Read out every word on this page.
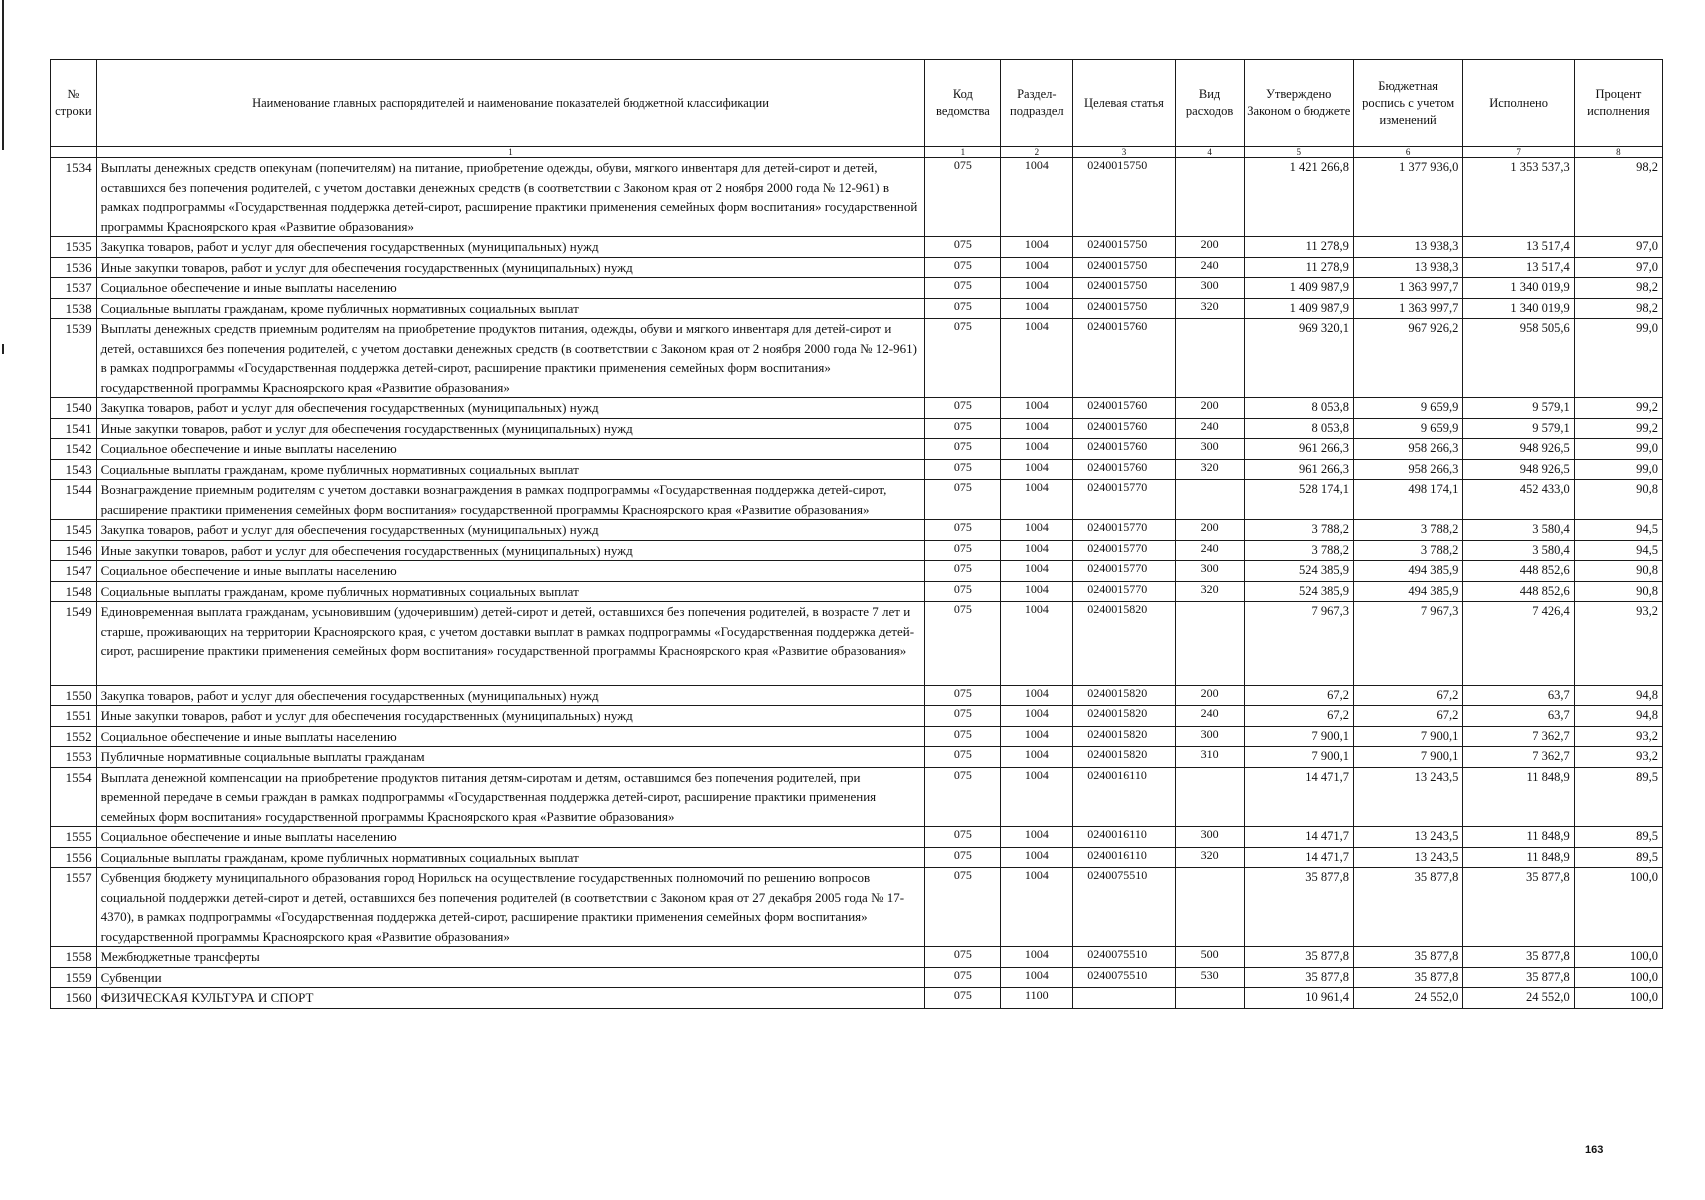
№ строки	Наименование главных распорядителей и наименование показателей бюджетной классификации	Код ведомства	Раздел-подраздел	Целевая статья	Вид расходов	Утверждено Законом о бюджете	Бюджетная роспись с учетом изменений	Исполнено	Процент исполнения
	1	1	2	3	4	5	6	7	8
1534	Выплаты денежных средств опекунам (попечителям) на питание, приобретение одежды, обуви, мягкого инвентаря для детей-сирот и детей, оставшихся без попечения родителей, с учетом доставки денежных средств (в соответствии с Законом края от 2 ноября 2000 года № 12-961) в рамках подпрограммы «Государственная поддержка детей-сирот, расширение практики применения семейных форм воспитания» государственной программы Красноярского края «Развитие образования»	075	1004	0240015750		1 421 266,8	1 377 936,0	1 353 537,3	98,2
1535	Закупка товаров, работ и услуг для обеспечения государственных (муниципальных) нужд	075	1004	0240015750	200	11 278,9	13 938,3	13 517,4	97,0
1536	Иные закупки товаров, работ и услуг для обеспечения государственных (муниципальных) нужд	075	1004	0240015750	240	11 278,9	13 938,3	13 517,4	97,0
1537	Социальное обеспечение и иные выплаты населению	075	1004	0240015750	300	1 409 987,9	1 363 997,7	1 340 019,9	98,2
1538	Социальные выплаты гражданам, кроме публичных нормативных социальных выплат	075	1004	0240015750	320	1 409 987,9	1 363 997,7	1 340 019,9	98,2
1539	Выплаты денежных средств приемным родителям на приобретение продуктов питания, одежды, обуви и мягкого инвентаря для детей-сирот и детей, оставшихся без попечения родителей, с учетом доставки денежных средств (в соответствии с Законом края от 2 ноября 2000 года № 12-961) в рамках подпрограммы «Государственная поддержка детей-сирот, расширение практики применения семейных форм воспитания» государственной программы Красноярского края «Развитие образования»	075	1004	0240015760		969 320,1	967 926,2	958 505,6	99,0
1540	Закупка товаров, работ и услуг для обеспечения государственных (муниципальных) нужд	075	1004	0240015760	200	8 053,8	9 659,9	9 579,1	99,2
1541	Иные закупки товаров, работ и услуг для обеспечения государственных (муниципальных) нужд	075	1004	0240015760	240	8 053,8	9 659,9	9 579,1	99,2
1542	Социальное обеспечение и иные выплаты населению	075	1004	0240015760	300	961 266,3	958 266,3	948 926,5	99,0
1543	Социальные выплаты гражданам, кроме публичных нормативных социальных выплат	075	1004	0240015760	320	961 266,3	958 266,3	948 926,5	99,0
1544	Вознаграждение приемным родителям с учетом доставки вознаграждения в рамках подпрограммы «Государственная поддержка детей-сирот, расширение практики применения семейных форм воспитания» государственной программы Красноярского края «Развитие образования»	075	1004	0240015770		528 174,1	498 174,1	452 433,0	90,8
1545	Закупка товаров, работ и услуг для обеспечения государственных (муниципальных) нужд	075	1004	0240015770	200	3 788,2	3 788,2	3 580,4	94,5
1546	Иные закупки товаров, работ и услуг для обеспечения государственных (муниципальных) нужд	075	1004	0240015770	240	3 788,2	3 788,2	3 580,4	94,5
1547	Социальное обеспечение и иные выплаты населению	075	1004	0240015770	300	524 385,9	494 385,9	448 852,6	90,8
1548	Социальные выплаты гражданам, кроме публичных нормативных социальных выплат	075	1004	0240015770	320	524 385,9	494 385,9	448 852,6	90,8
1549	Единовременная выплата гражданам, усыновившим (удочерившим) детей-сирот и детей, оставшихся без попечения родителей, в возрасте 7 лет и старше, проживающих на территории Красноярского края, с учетом доставки выплат в рамках подпрограммы «Государственная поддержка детей-сирот, расширение практики применения семейных форм воспитания» государственной программы Красноярского края «Развитие образования»	075	1004	0240015820		7 967,3	7 967,3	7 426,4	93,2
1550	Закупка товаров, работ и услуг для обеспечения государственных (муниципальных) нужд	075	1004	0240015820	200	67,2	67,2	63,7	94,8
1551	Иные закупки товаров, работ и услуг для обеспечения государственных (муниципальных) нужд	075	1004	0240015820	240	67,2	67,2	63,7	94,8
1552	Социальное обеспечение и иные выплаты населению	075	1004	0240015820	300	7 900,1	7 900,1	7 362,7	93,2
1553	Публичные нормативные социальные выплаты гражданам	075	1004	0240015820	310	7 900,1	7 900,1	7 362,7	93,2
1554	Выплата денежной компенсации на приобретение продуктов питания детям-сиротам и детям, оставшимся без попечения родителей, при временной передаче в семьи граждан в рамках подпрограммы «Государственная поддержка детей-сирот, расширение практики применения семейных форм воспитания» государственной программы Красноярского края «Развитие образования»	075	1004	0240016110		14 471,7	13 243,5	11 848,9	89,5
1555	Социальное обеспечение и иные выплаты населению	075	1004	0240016110	300	14 471,7	13 243,5	11 848,9	89,5
1556	Социальные выплаты гражданам, кроме публичных нормативных социальных выплат	075	1004	0240016110	320	14 471,7	13 243,5	11 848,9	89,5
1557	Субвенция бюджету муниципального образования город Норильск на осуществление государственных полномочий по решению вопросов социальной поддержки детей-сирот и детей, оставшихся без попечения родителей (в соответствии с Законом края от 27 декабря 2005 года № 17-4370), в рамках подпрограммы «Государственная поддержка детей-сирот, расширение практики применения семейных форм воспитания» государственной программы Красноярского края «Развитие образования»	075	1004	0240075510		35 877,8	35 877,8	35 877,8	100,0
1558	Межбюджетные трансферты	075	1004	0240075510	500	35 877,8	35 877,8	35 877,8	100,0
1559	Субвенции	075	1004	0240075510	530	35 877,8	35 877,8	35 877,8	100,0
1560	ФИЗИЧЕСКАЯ КУЛЬТУРА И СПОРТ	075	1100			10 961,4	24 552,0	24 552,0	100,0
163
